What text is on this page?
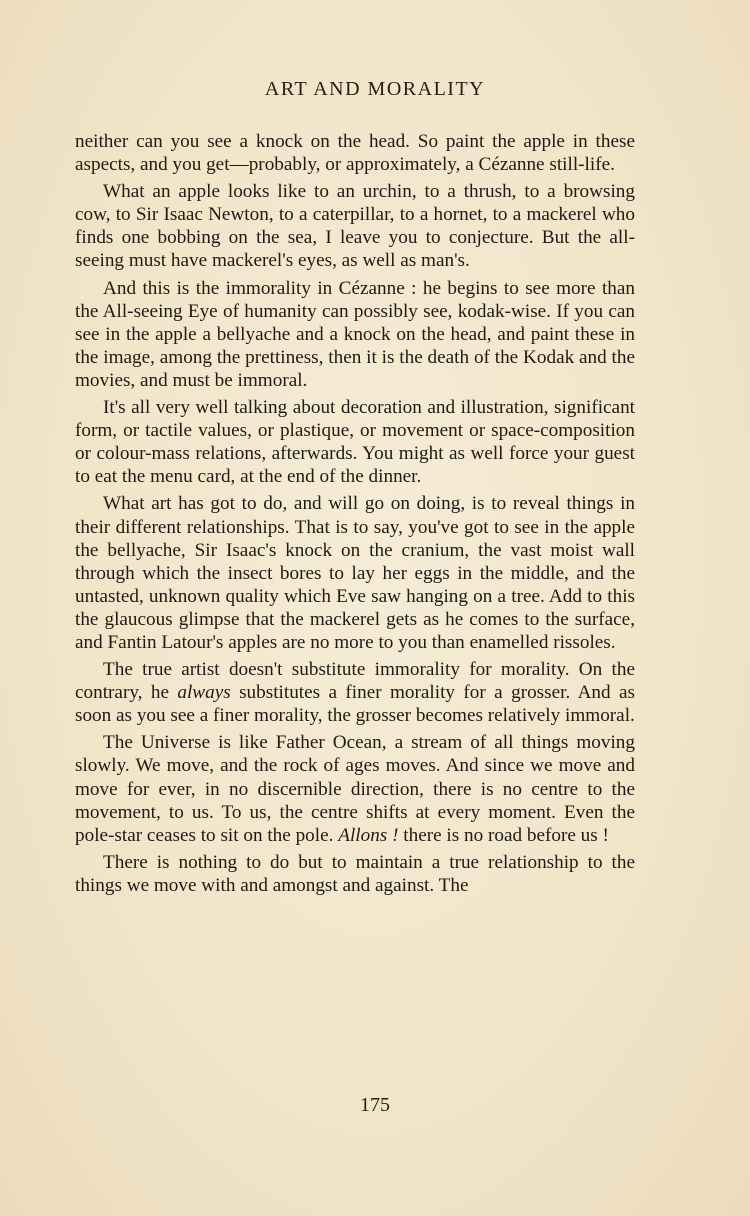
ART AND MORALITY

neither can you see a knock on the head. So paint the apple in these aspects, and you get—probably, or approximately, a Cézanne still-life.

What an apple looks like to an urchin, to a thrush, to a browsing cow, to Sir Isaac Newton, to a caterpillar, to a hornet, to a mackerel who finds one bobbing on the sea, I leave you to conjecture. But the all-seeing must have mackerel's eyes, as well as man's.

And this is the immorality in Cézanne : he begins to see more than the All-seeing Eye of humanity can possibly see, kodak-wise. If you can see in the apple a bellyache and a knock on the head, and paint these in the image, among the prettiness, then it is the death of the Kodak and the movies, and must be immoral.

It's all very well talking about decoration and illustration, significant form, or tactile values, or plastique, or movement or space-composition or colour-mass relations, afterwards. You might as well force your guest to eat the menu card, at the end of the dinner.

What art has got to do, and will go on doing, is to reveal things in their different relationships. That is to say, you've got to see in the apple the bellyache, Sir Isaac's knock on the cranium, the vast moist wall through which the insect bores to lay her eggs in the middle, and the untasted, unknown quality which Eve saw hanging on a tree. Add to this the glaucous glimpse that the mackerel gets as he comes to the surface, and Fantin Latour's apples are no more to you than enamelled rissoles.

The true artist doesn't substitute immorality for morality. On the contrary, he always substitutes a finer morality for a grosser. And as soon as you see a finer morality, the grosser becomes relatively immoral.

The Universe is like Father Ocean, a stream of all things moving slowly. We move, and the rock of ages moves. And since we move and move for ever, in no discernible direction, there is no centre to the movement, to us. To us, the centre shifts at every moment. Even the pole-star ceases to sit on the pole. Allons ! there is no road before us !

There is nothing to do but to maintain a true relationship to the things we move with and amongst and against. The

175
